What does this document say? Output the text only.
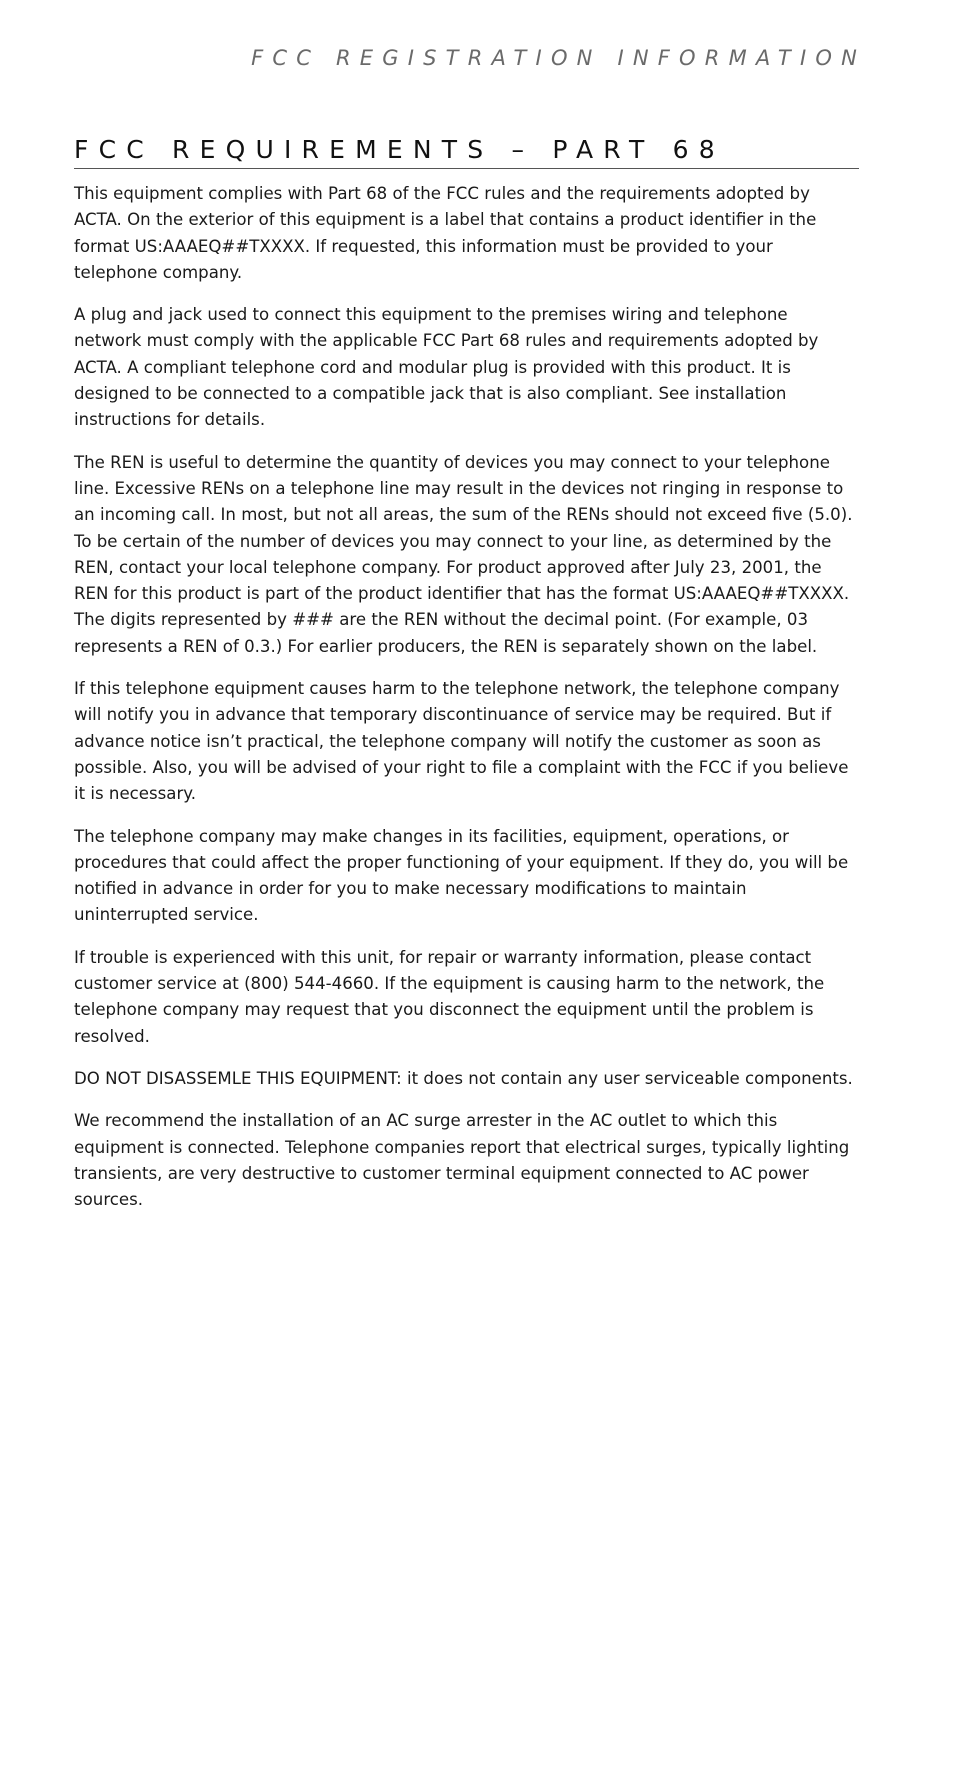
FCC REGISTRATION INFORMATION
FCC REQUIREMENTS – PART 68

This equipment complies with Part 68 of the FCC rules and the requirements adopted by ACTA. On the exterior of this equipment is a label that contains a product identifier in the format US:AAAEQ##TXXXX. If requested, this information must be provided to your telephone company.

A plug and jack used to connect this equipment to the premises wiring and telephone network must comply with the applicable FCC Part 68 rules and requirements adopted by ACTA. A compliant telephone cord and modular plug is provided with this product. It is designed to be connected to a compatible jack that is also compliant. See installation instructions for details.

The REN is useful to determine the quantity of devices you may connect to your telephone line. Excessive RENs on a telephone line may result in the devices not ringing in response to an incoming call. In most, but not all areas, the sum of the RENs should not exceed five (5.0). To be certain of the number of devices you may connect to your line, as determined by the REN, contact your local telephone company. For product approved after July 23, 2001, the REN for this product is part of the product identifier that has the format US:AAAEQ##TXXXX. The digits represented by ### are the REN without the decimal point. (For example, 03 represents a REN of 0.3.) For earlier producers, the REN is separately shown on the label.

If this telephone equipment causes harm to the telephone network, the telephone company will notify you in advance that temporary discontinuance of service may be required. But if advance notice isn’t practical, the telephone company will notify the customer as soon as possible. Also, you will be advised of your right to file a complaint with the FCC if you believe it is necessary.

The telephone company may make changes in its facilities, equipment, operations, or procedures that could affect the proper functioning of your equipment. If they do, you will be notified in advance in order for you to make necessary modifications to maintain uninterrupted service.

If trouble is experienced with this unit, for repair or warranty information, please contact customer service at (800) 544-4660. If the equipment is causing harm to the network, the telephone company may request that you disconnect the equipment until the problem is resolved.

DO NOT DISASSEMLE THIS EQUIPMENT: it does not contain any user serviceable components.

We recommend the installation of an AC surge arrester in the AC outlet to which this equipment is connected. Telephone companies report that electrical surges, typically lighting transients, are very destructive to customer terminal equipment connected to AC power sources.
